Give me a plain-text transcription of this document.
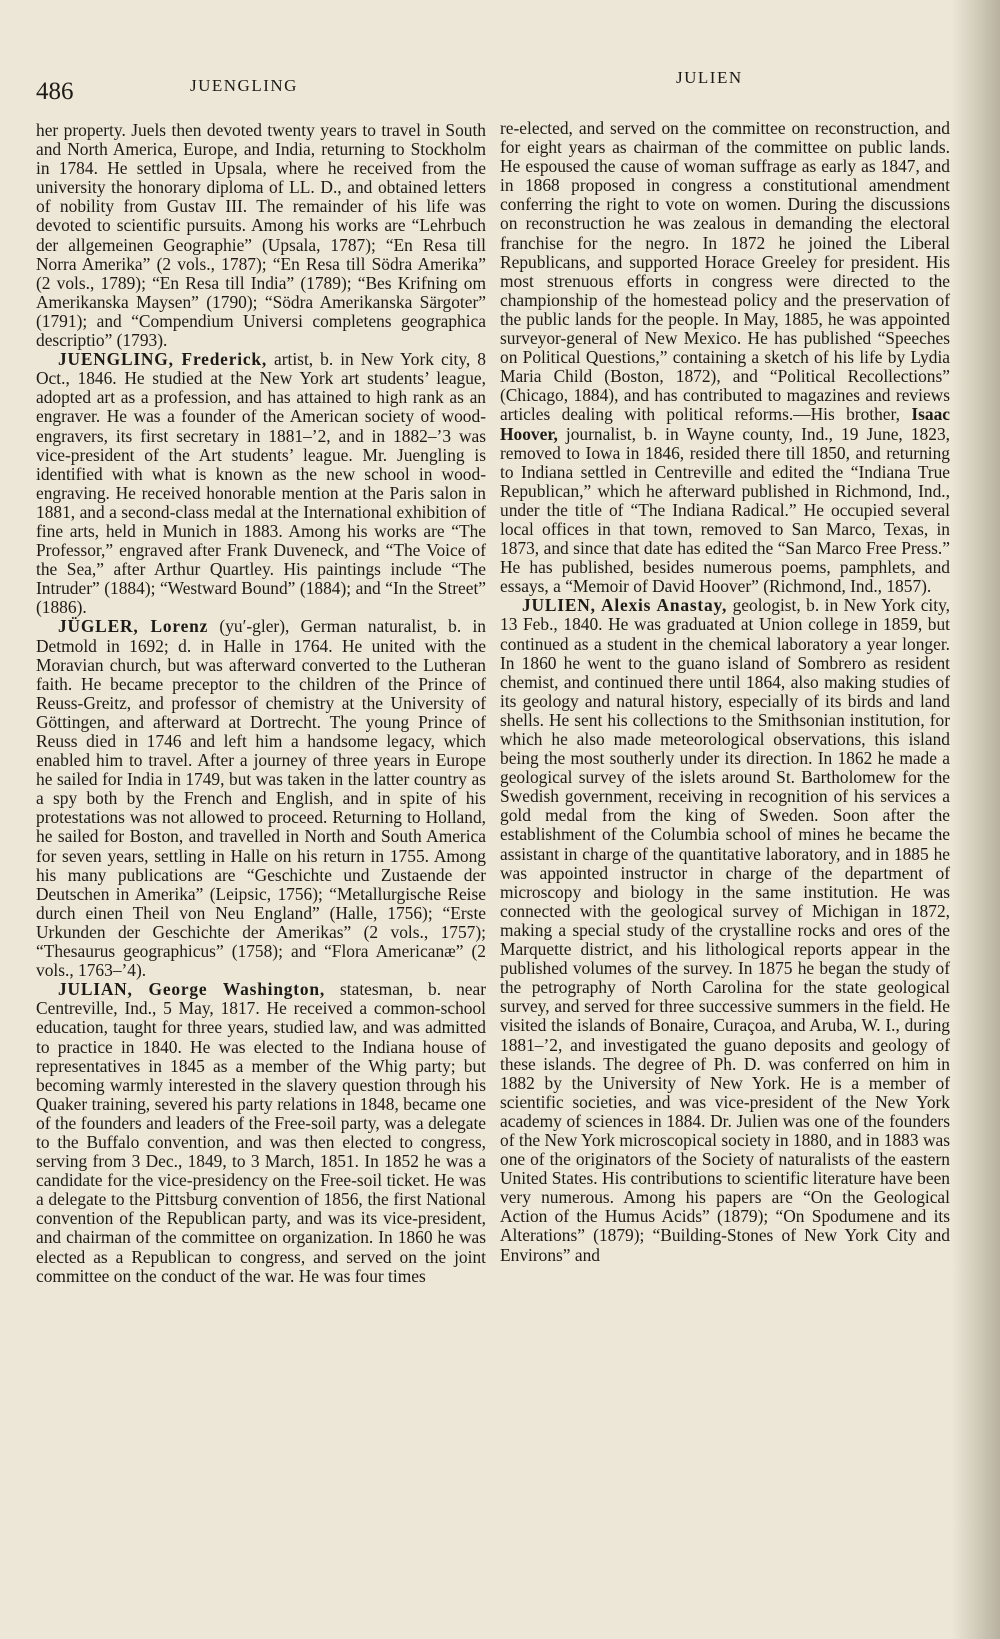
486	JUENGLING	JULIEN

her property. Juels then devoted twenty years to travel in South and North America, Europe, and India, returning to Stockholm in 1784. He settled in Upsala, where he received from the university the honorary diploma of LL. D., and obtained letters of nobility from Gustav III. The remainder of his life was devoted to scientific pursuits. Among his works are “Lehrbuch der allgemeinen Geographie” (Upsala, 1787); “En Resa till Norra Amerika” (2 vols., 1787); “En Resa till Södra Amerika” (2 vols., 1789); “En Resa till India” (1789); “Bes Krifning om Amerikanska Maysen” (1790); “Södra Amerikanska Särgoter” (1791); and “Compendium Universi completens geographica descriptio” (1793).

JUENGLING, Frederick, artist, b. in New York city, 8 Oct., 1846. He studied at the New York art students’ league, adopted art as a profession, and has attained to high rank as an engraver. He was a founder of the American society of wood-engravers, its first secretary in 1881–’2, and in 1882–’3 was vice-president of the Art students’ league. Mr. Juengling is identified with what is known as the new school in wood-engraving. He received honorable mention at the Paris salon in 1881, and a second-class medal at the International exhibition of fine arts, held in Munich in 1883. Among his works are “The Professor,” engraved after Frank Duveneck, and “The Voice of the Sea,” after Arthur Quartley. His paintings include “The Intruder” (1884); “Westward Bound” (1884); and “In the Street” (1886).

JÜGLER, Lorenz (yu′-gler), German naturalist, b. in Detmold in 1692; d. in Halle in 1764. He united with the Moravian church, but was afterward converted to the Lutheran faith. He became preceptor to the children of the Prince of Reuss-Greitz, and professor of chemistry at the University of Göttingen, and afterward at Dortrecht. The young Prince of Reuss died in 1746 and left him a handsome legacy, which enabled him to travel. After a journey of three years in Europe he sailed for India in 1749, but was taken in the latter country as a spy both by the French and English, and in spite of his protestations was not allowed to proceed. Returning to Holland, he sailed for Boston, and travelled in North and South America for seven years, settling in Halle on his return in 1755. Among his many publications are “Geschichte und Zustaende der Deutschen in Amerika” (Leipsic, 1756); “Metallurgische Reise durch einen Theil von Neu England” (Halle, 1756); “Erste Urkunden der Geschichte der Amerikas” (2 vols., 1757); “Thesaurus geographicus” (1758); and “Flora Americanæ” (2 vols., 1763–’4).

JULIAN, George Washington, statesman, b. near Centreville, Ind., 5 May, 1817. He received a common-school education, taught for three years, studied law, and was admitted to practice in 1840. He was elected to the Indiana house of representatives in 1845 as a member of the Whig party; but becoming warmly interested in the slavery question through his Quaker training, severed his party relations in 1848, became one of the founders and leaders of the Free-soil party, was a delegate to the Buffalo convention, and was then elected to congress, serving from 3 Dec., 1849, to 3 March, 1851. In 1852 he was a candidate for the vice-presidency on the Free-soil ticket. He was a delegate to the Pittsburg convention of 1856, the first National convention of the Republican party, and was its vice-president, and chairman of the committee on organization. In 1860 he was elected as a Republican to congress, and served on the joint committee on the conduct of the war. He was four times

re-elected, and served on the committee on reconstruction, and for eight years as chairman of the committee on public lands. He espoused the cause of woman suffrage as early as 1847, and in 1868 proposed in congress a constitutional amendment conferring the right to vote on women. During the discussions on reconstruction he was zealous in demanding the electoral franchise for the negro. In 1872 he joined the Liberal Republicans, and supported Horace Greeley for president. His most strenuous efforts in congress were directed to the championship of the homestead policy and the preservation of the public lands for the people. In May, 1885, he was appointed surveyor-general of New Mexico. He has published “Speeches on Political Questions,” containing a sketch of his life by Lydia Maria Child (Boston, 1872), and “Political Recollections” (Chicago, 1884), and has contributed to magazines and reviews articles dealing with political reforms.—His brother, Isaac Hoover, journalist, b. in Wayne county, Ind., 19 June, 1823, removed to Iowa in 1846, resided there till 1850, and returning to Indiana settled in Centreville and edited the “Indiana True Republican,” which he afterward published in Richmond, Ind., under the title of “The Indiana Radical.” He occupied several local offices in that town, removed to San Marco, Texas, in 1873, and since that date has edited the “San Marco Free Press.” He has published, besides numerous poems, pamphlets, and essays, a “Memoir of David Hoover” (Richmond, Ind., 1857).

JULIEN, Alexis Anastay, geologist, b. in New York city, 13 Feb., 1840. He was graduated at Union college in 1859, but continued as a student in the chemical laboratory a year longer. In 1860 he went to the guano island of Sombrero as resident chemist, and continued there until 1864, also making studies of its geology and natural history, especially of its birds and land shells. He sent his collections to the Smithsonian institution, for which he also made meteorological observations, this island being the most southerly under its direction. In 1862 he made a geological survey of the islets around St. Bartholomew for the Swedish government, receiving in recognition of his services a gold medal from the king of Sweden. Soon after the establishment of the Columbia school of mines he became the assistant in charge of the quantitative laboratory, and in 1885 he was appointed instructor in charge of the department of microscopy and biology in the same institution. He was connected with the geological survey of Michigan in 1872, making a special study of the crystalline rocks and ores of the Marquette district, and his lithological reports appear in the published volumes of the survey. In 1875 he began the study of the petrography of North Carolina for the state geological survey, and served for three successive summers in the field. He visited the islands of Bonaire, Curaçoa, and Aruba, W. I., during 1881–’2, and investigated the guano deposits and geology of these islands. The degree of Ph. D. was conferred on him in 1882 by the University of New York. He is a member of scientific societies, and was vice-president of the New York academy of sciences in 1884. Dr. Julien was one of the founders of the New York microscopical society in 1880, and in 1883 was one of the originators of the Society of naturalists of the eastern United States. His contributions to scientific literature have been very numerous. Among his papers are “On the Geological Action of the Humus Acids” (1879); “On Spodumene and its Alterations” (1879); “Building-Stones of New York City and Environs” and
